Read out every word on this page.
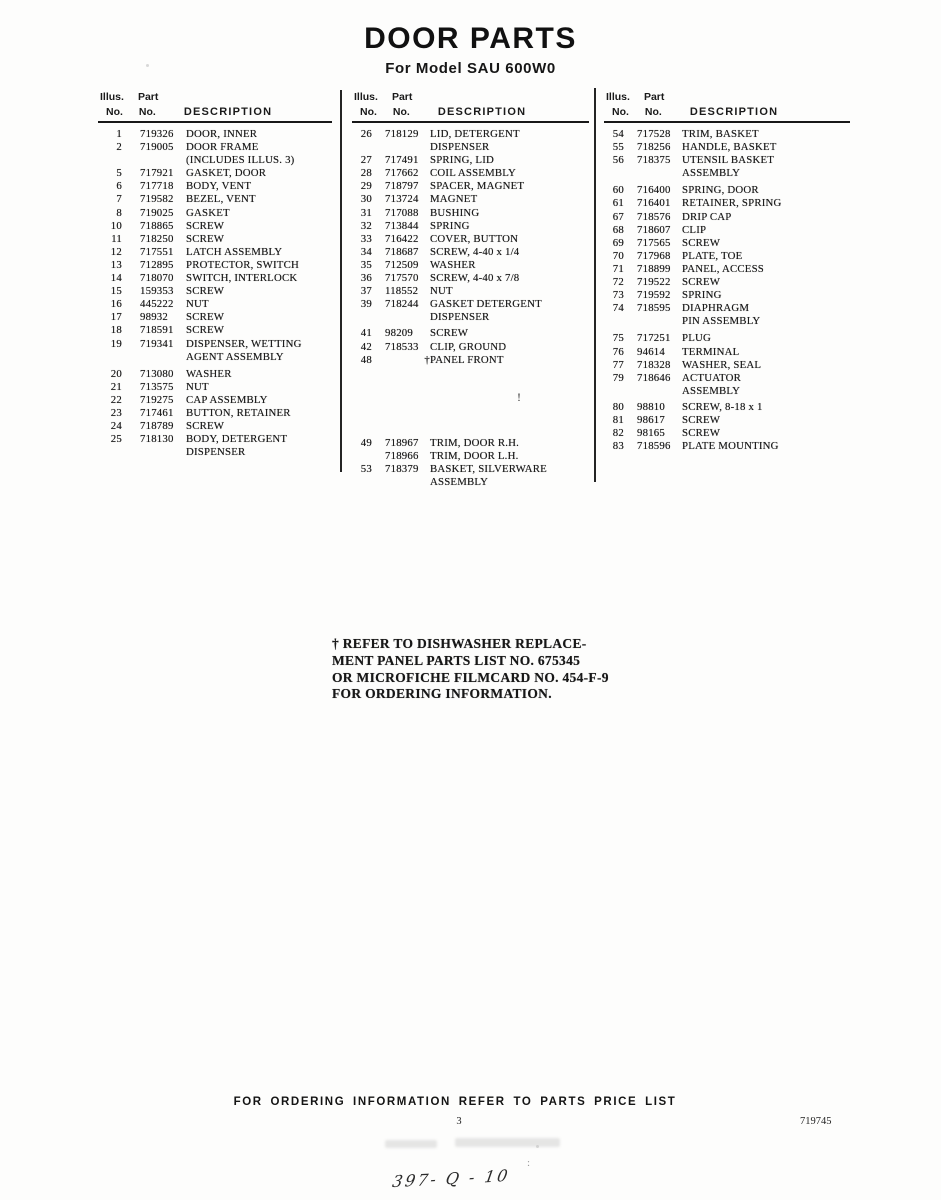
DOOR PARTS
For Model SAU 600W0
Illus. Part
No. No.	DESCRIPTION
1 719326	DOOR, INNER
2 719005	DOOR FRAME
(INCLUDES ILLUS. 3)
5 717921	GASKET, DOOR
6 717718	BODY, VENT
7 719582	BEZEL, VENT
8 719025	GASKET
10 718865	SCREW
11 718250	SCREW
12 717551	LATCH ASSEMBLY
13 712895	PROTECTOR, SWITCH
14 718070	SWITCH, INTERLOCK
15 159353	SCREW
16 445222	NUT
17 98932	SCREW
18 718591	SCREW
19 719341	DISPENSER, WETTING
AGENT ASSEMBLY
20 713080	WASHER
21 713575	NUT
22 719275	CAP ASSEMBLY
23 717461	BUTTON, RETAINER
24 718789	SCREW
25 718130	BODY, DETERGENT
DISPENSER
Illus. Part
No. No.	DESCRIPTION
26 718129	LID, DETERGENT
DISPENSER
27 717491	SPRING, LID
28 717662	COIL ASSEMBLY
29 718797	SPACER, MAGNET
30 713724	MAGNET
31 717088	BUSHING
32 713844	SPRING
33 716422	COVER, BUTTON
34 718687	SCREW, 4-40 x 1/4
35 712509	WASHER
36 717570	SCREW, 4-40 x 7/8
37 118552	NUT
39 718244	GASKET DETERGENT
DISPENSER
41 98209	SCREW
42 718533	CLIP, GROUND
48	† PANEL FRONT
49 718967	TRIM, DOOR R.H.
718966	TRIM, DOOR L.H.
53 718379	BASKET, SILVERWARE
ASSEMBLY
Illus. Part
No. No.	DESCRIPTION
54 717528	TRIM, BASKET
55 718256	HANDLE, BASKET
56 718375	UTENSIL BASKET
ASSEMBLY
60 716400	SPRING, DOOR
61 716401	RETAINER, SPRING
67 718576	DRIP CAP
68 718607	CLIP
69 717565	SCREW
70 717968	PLATE, TOE
71 718899	PANEL, ACCESS
72 719522	SCREW
73 719592	SPRING
74 718595	DIAPHRAGM
PIN ASSEMBLY
75 717251	PLUG
76 94614	TERMINAL
77 718328	WASHER, SEAL
79 718646	ACTUATOR
ASSEMBLY
80 98810	SCREW, 8-18 x 1
81 98617	SCREW
82 98165	SCREW
83 718596	PLATE MOUNTING
† REFER TO DISHWASHER REPLACE-
MENT PANEL PARTS LIST NO. 675345
OR MICROFICHE FILMCARD NO. 454-F-9
FOR ORDERING INFORMATION.
FOR ORDERING INFORMATION REFER TO PARTS PRICE LIST
3	719745
!
:
397- Q - 10
